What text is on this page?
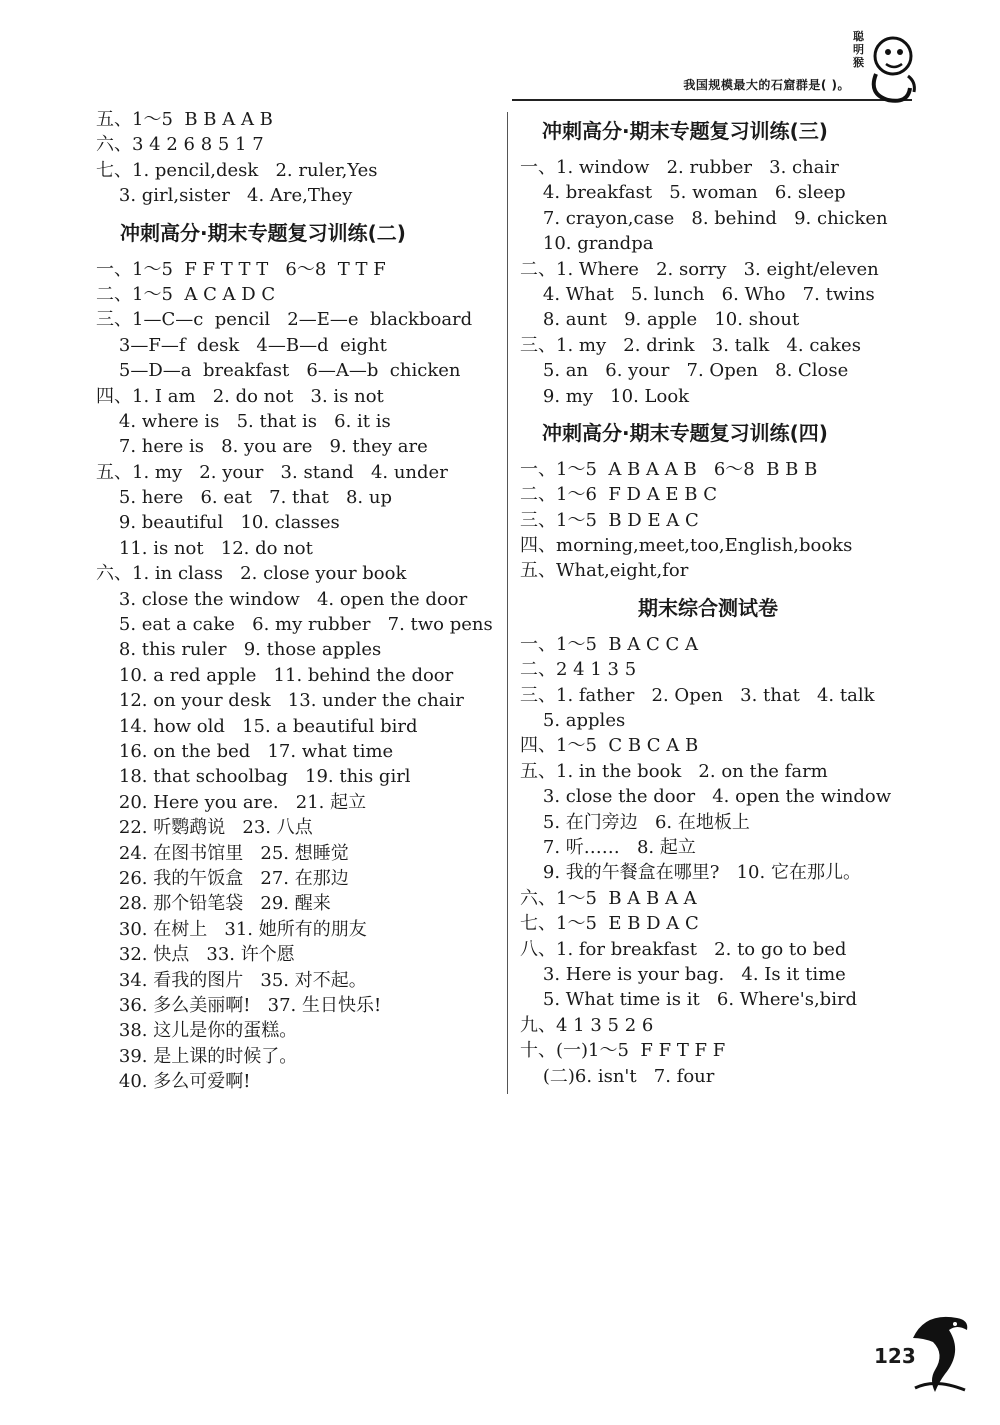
我国规模最大的石窟群是( )。
聪明猴
五、1～5  B B A A B
六、3 4 2 6 8 5 1 7
七、1. pencil,desk   2. ruler,Yes
3. girl,sister   4. Are,They
冲刺高分·期末专题复习训练(二)
一、1～5  F F T T T   6～8  T T F
二、1～5  A C A D C
三、1—C—c  pencil   2—E—e  blackboard
3—F—f  desk   4—B—d  eight
5—D—a  breakfast   6—A—b  chicken
四、1. I am   2. do not   3. is not
4. where is   5. that is   6. it is
7. here is   8. you are   9. they are
五、1. my   2. your   3. stand   4. under
5. here   6. eat   7. that   8. up
9. beautiful   10. classes
11. is not   12. do not
六、1. in class   2. close your book
3. close the window   4. open the door
5. eat a cake   6. my rubber   7. two pens
8. this ruler   9. those apples
10. a red apple   11. behind the door
12. on your desk   13. under the chair
14. how old   15. a beautiful bird
16. on the bed   17. what time
18. that schoolbag   19. this girl
20. Here you are.   21. 起立
22. 听鹦鹉说   23. 八点
24. 在图书馆里   25. 想睡觉
26. 我的午饭盒   27. 在那边
28. 那个铅笔袋   29. 醒来
30. 在树上   31. 她所有的朋友
32. 快点   33. 许个愿
34. 看我的图片   35. 对不起。
36. 多么美丽啊!   37. 生日快乐!
38. 这儿是你的蛋糕。
39. 是上课的时候了。
40. 多么可爱啊!
冲刺高分·期末专题复习训练(三)
一、1. window   2. rubber   3. chair
4. breakfast   5. woman   6. sleep
7. crayon,case   8. behind   9. chicken
10. grandpa
二、1. Where   2. sorry   3. eight/eleven
4. What   5. lunch   6. Who   7. twins
8. aunt   9. apple   10. shout
三、1. my   2. drink   3. talk   4. cakes
5. an   6. your   7. Open   8. Close
9. my   10. Look
冲刺高分·期末专题复习训练(四)
一、1～5  A B A A B   6～8  B B B
二、1～6  F D A E B C
三、1～5  B D E A C
四、morning,meet,too,English,books
五、What,eight,for
期末综合测试卷
一、1～5  B A C C A
二、2 4 1 3 5
三、1. father   2. Open   3. that   4. talk
5. apples
四、1～5  C B C A B
五、1. in the book   2. on the farm
3. close the door   4. open the window
5. 在门旁边   6. 在地板上
7. 听……   8. 起立
9. 我的午餐盒在哪里?   10. 它在那儿。
六、1～5  B A B A A
七、1～5  E B D A C
八、1. for breakfast   2. to go to bed
3. Here is your bag.   4. Is it time
5. What time is it   6. Where's,bird
九、4 1 3 5 2 6
十、(一)1～5  F F T F F
(二)6. isn't   7. four
123
